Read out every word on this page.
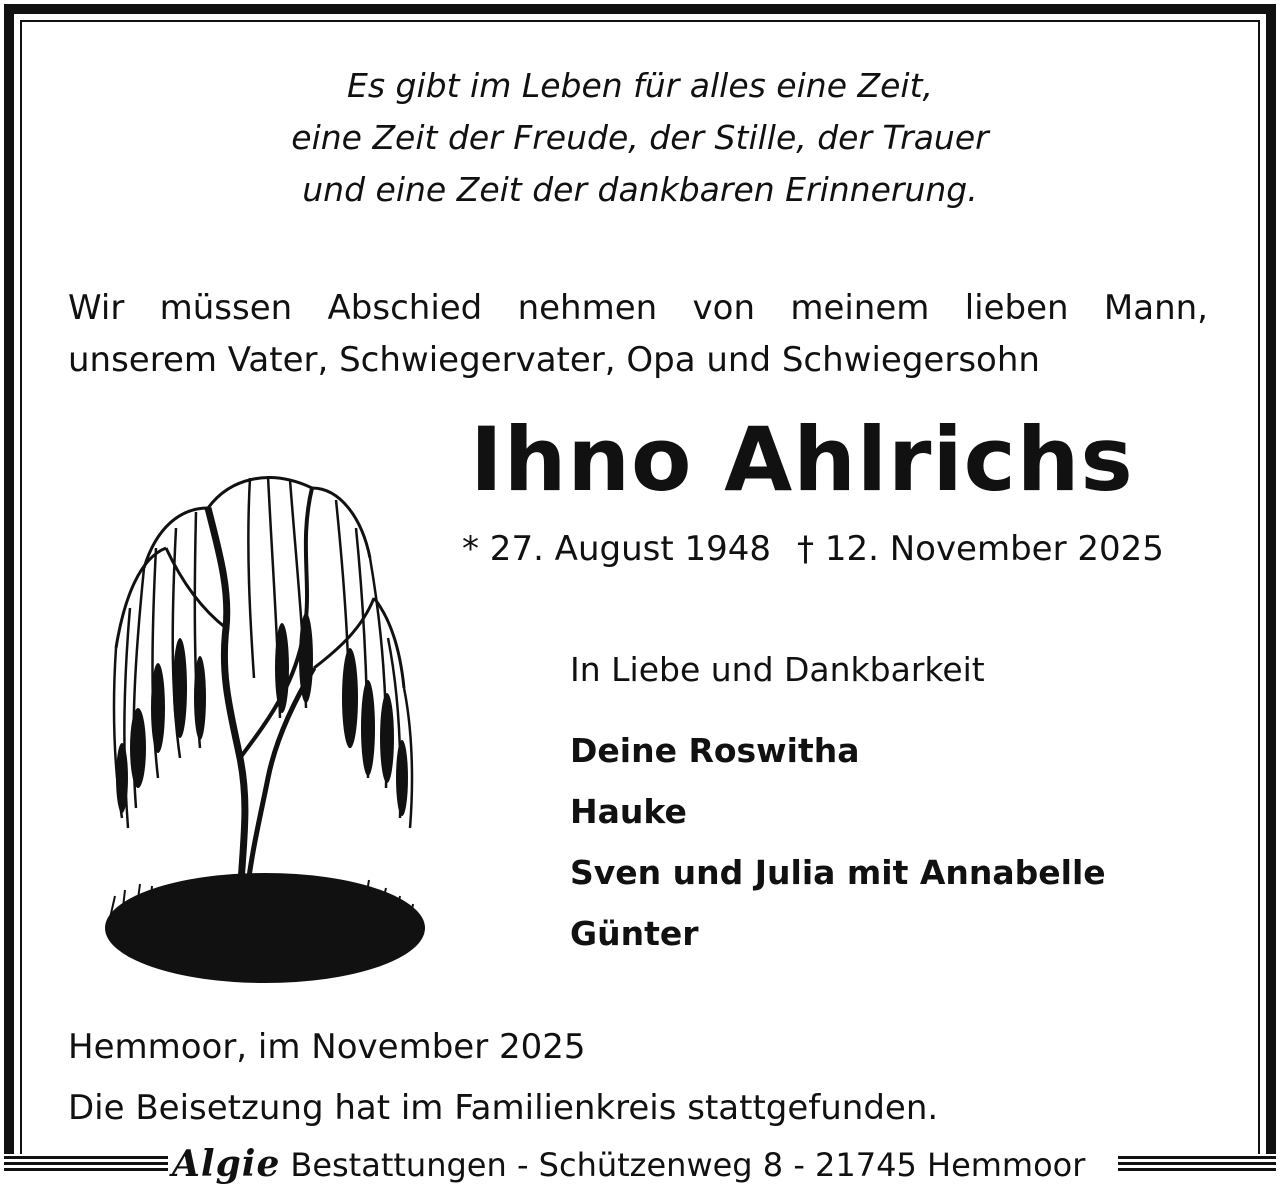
Es gibt im Leben für alles eine Zeit,
eine Zeit der Freude, der Stille, der Trauer
und eine Zeit der dankbaren Erinnerung.
Wir müssen Abschied nehmen von meinem lieben Mann,
unserem Vater, Schwiegervater, Opa und Schwiegersohn
Ihno Ahlrichs
* 27. August 1948 † 12. November 2025
In Liebe und Dankbarkeit
Deine Roswitha
Hauke
Sven und Julia mit Annabelle
Günter
Hemmoor, im November 2025
Die Beisetzung hat im Familienkreis stattgefunden.
Algie Bestattungen - Schützenweg 8 - 21745 Hemmoor
